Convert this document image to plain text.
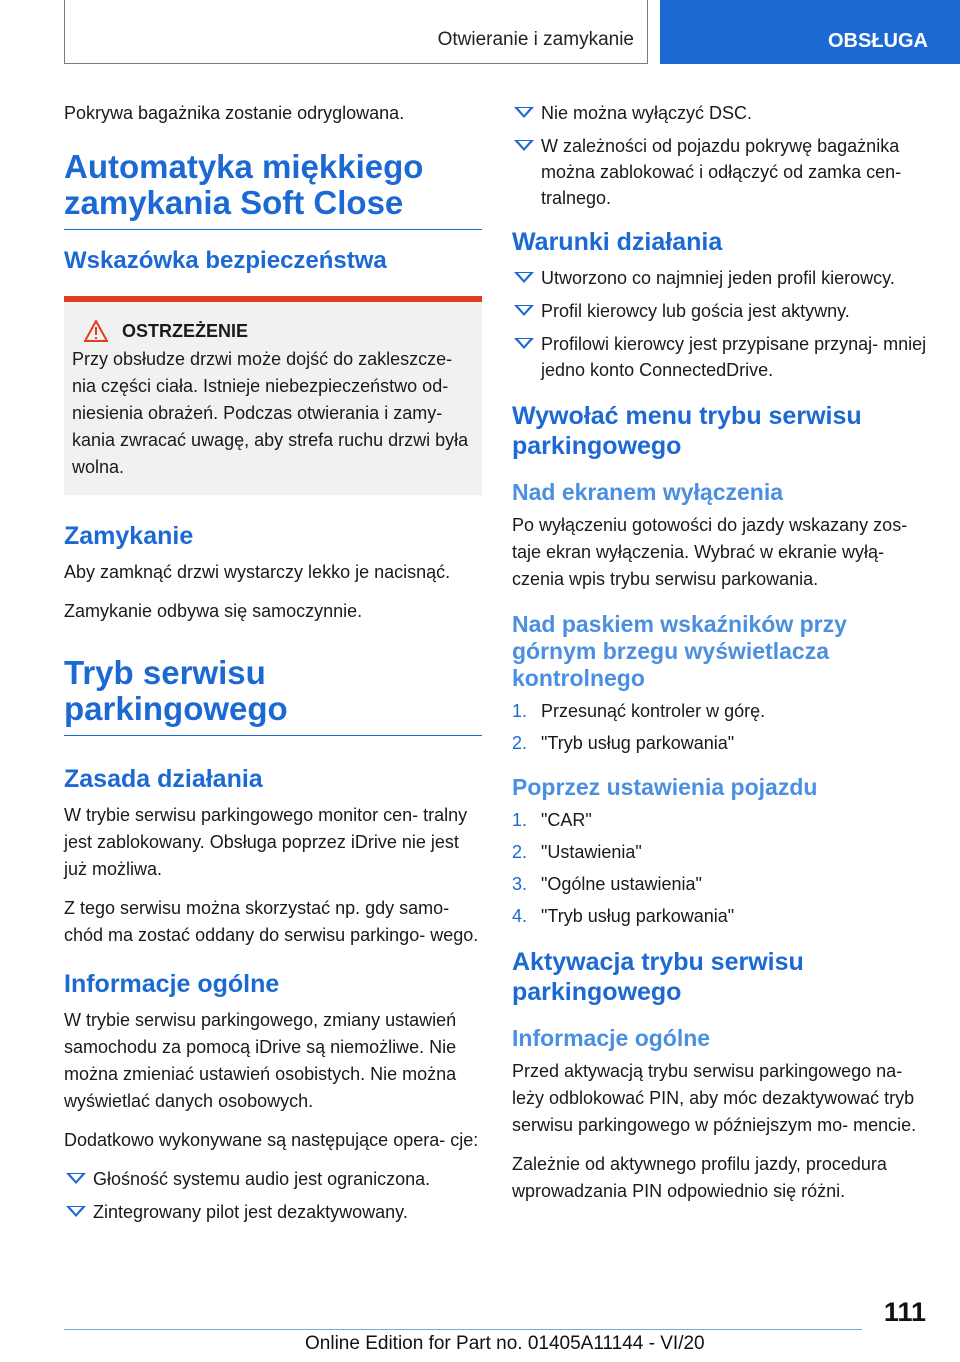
Otwieranie i zamykanie	OBSŁUGA

Pokrywa bagażnika zostanie odryglowana.

Automatyka miękkiego zamykania Soft Close
Wskazówka bezpieczeństwa
OSTRZEŻENIE

Przy obsłudze drzwi może dojść do zakleszcze- nia części ciała. Istnieje niebezpieczeństwo od- niesienia obrażeń. Podczas otwierania i zamy- kania zwracać uwagę, aby strefa ruchu drzwi była wolna.

Zamykanie

Aby zamknąć drzwi wystarczy lekko je nacisnąć.

Zamykanie odbywa się samoczynnie.

Tryb serwisu parkingowego
Zasada działania

W trybie serwisu parkingowego monitor cen- tralny jest zablokowany. Obsługa poprzez iDrive nie jest już możliwa.

Z tego serwisu można skorzystać np. gdy samo- chód ma zostać oddany do serwisu parkingo- wego.

Informacje ogólne

W trybie serwisu parkingowego, zmiany ustawień samochodu za pomocą iDrive są niemożliwe. Nie można zmieniać ustawień osobistych. Nie można wyświetlać danych osobowych.

Dodatkowo wykonywane są następujące opera- cje:

Głośność systemu audio jest ograniczona.
Zintegrowany pilot jest dezaktywowany.
Nie można wyłączyć DSC.
W zależności od pojazdu pokrywę bagażnika można zablokować i odłączyć od zamka cen- tralnego.
Warunki działania
Utworzono co najmniej jeden profil kierowcy.
Profil kierowcy lub gościa jest aktywny.
Profilowi kierowcy jest przypisane przynaj- mniej jedno konto ConnectedDrive.
Wywołać menu trybu serwisu parkingowego
Nad ekranem wyłączenia

Po wyłączeniu gotowości do jazdy wskazany zos- taje ekran wyłączenia. Wybrać w ekranie wyłą- czenia wpis trybu serwisu parkowania.

Nad paskiem wskaźników przy górnym brzegu wyświetlacza kontrolnego
1. Przesunąć kontroler w górę.
2. "Tryb usług parkowania"
Poprzez ustawienia pojazdu
1. "CAR"
2. "Ustawienia"
3. "Ogólne ustawienia"
4. "Tryb usług parkowania"
Aktywacja trybu serwisu parkingowego
Informacje ogólne

Przed aktywacją trybu serwisu parkingowego na- leży odblokować PIN, aby móc dezaktywować tryb serwisu parkingowego w późniejszym mo- mencie.

Zależnie od aktywnego profilu jazdy, procedura wprowadzania PIN odpowiednio się różni.

111
Online Edition for Part no. 01405A11144 - VI/20
